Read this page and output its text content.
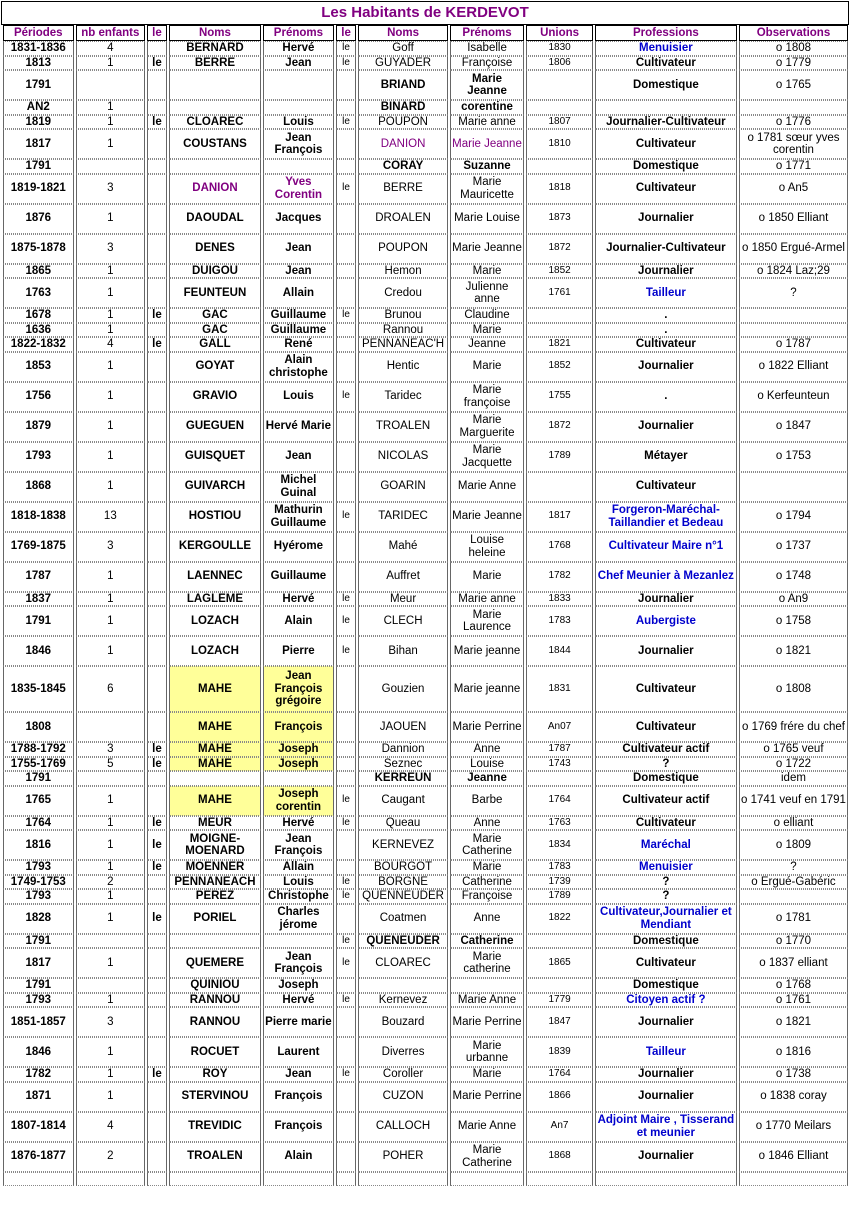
Les Habitants de KERDEVOT
Périodes	nb enfants	le	Noms	Prénoms	le	Noms	Prénoms	Unions	Professions	Observations
1831-1836	4		BERNARD	Hervé	le	Goff	Isabelle	1830	Menuisier	o 1808
1813	1	le	BERRE	Jean	le	GUYADER	Françoise	1806	Cultivateur	o 1779
1791						BRIAND	Marie Jeanne		Domestique	o 1765
AN2	1					BINARD	corentine			
1819	1	le	CLOAREC	Louis	le	POUPON	Marie anne	1807	Journalier-Cultivateur	o 1776
1817	1		COUSTANS	Jean François		DANION	Marie Jeanne	1810	Cultivateur	o 1781 sœur yves corentin
1791						CORAY	Suzanne		Domestique	o 1771
1819-1821	3		DANION	Yves Corentin	le	BERRE	Marie Mauricette	1818	Cultivateur	o An5
1876	1		DAOUDAL	Jacques		DROALEN	Marie Louise	1873	Journalier	o 1850 Elliant
1875-1878	3		DENES	Jean		POUPON	Marie Jeanne	1872	Journalier-Cultivateur	o 1850 Ergué-Armel
1865	1		DUIGOU	Jean		Hemon	Marie	1852	Journalier	o 1824 Laz;29
1763	1		FEUNTEUN	Allain		Credou	Julienne anne	1761	Tailleur	?
1678	1	le	GAC	Guillaume	le	Brunou	Claudine		.	
1636	1		GAC	Guillaume		Rannou	Marie		.	
1822-1832	4	le	GALL	René		PENNANEAC'H	Jeanne	1821	Cultivateur	o 1787
1853	1		GOYAT	Alain christophe		Hentic	Marie	1852	Journalier	o 1822 Elliant
1756	1		GRAVIO	Louis	le	Taridec	Marie françoise	1755	.	o Kerfeunteun
1879	1		GUEGUEN	Hervé Marie		TROALEN	Marie Marguerite	1872	Journalier	o 1847
1793	1		GUISQUET	Jean		NICOLAS	Marie Jacquette	1789	Métayer	o 1753
1868	1		GUIVARCH	Michel Guinal		GOARIN	Marie Anne		Cultivateur	
1818-1838	13		HOSTIOU	Mathurin Guillaume	le	TARIDEC	Marie Jeanne	1817	Forgeron-Maréchal-Taillandier et Bedeau	o 1794
1769-1875	3		KERGOULLE	Hyérome		Mahé	Louise heleine	1768	Cultivateur Maire n°1	o 1737
1787	1		LAENNEC	Guillaume		Auffret	Marie	1782	Chef Meunier à Mezanlez	o 1748
1837	1		LAGLEME	Hervé	le	Meur	Marie anne	1833	Journalier	o An9
1791	1		LOZACH	Alain	le	CLECH	Marie Laurence	1783	Aubergiste	o 1758
1846	1		LOZACH	Pierre	le	Bihan	Marie jeanne	1844	Journalier	o 1821
1835-1845	6		MAHE	Jean François grégoire		Gouzien	Marie jeanne	1831	Cultivateur	o 1808
1808			MAHE	François		JAOUEN	Marie Perrine	An07	Cultivateur	o 1769 frére du chef
1788-1792	3	le	MAHE	Joseph		Dannion	Anne	1787	Cultivateur actif	o 1765 veuf
1755-1769	5	le	MAHE	Joseph		Seznec	Louise	1743	?	o 1722
1791						KERREUN	Jeanne		Domestique	idem
1765	1		MAHE	Joseph corentin	le	Caugant	Barbe	1764	Cultivateur actif	o 1741 veuf en 1791
1764	1	le	MEUR	Hervé	le	Queau	Anne	1763	Cultivateur	o elliant
1816	1	le	MOIGNE-MOENARD	Jean François		KERNEVEZ	Marie Catherine	1834	Maréchal	o 1809
1793	1	le	MOENNER	Allain		BOURGOT	Marie	1783	Menuisier	?
1749-1753	2		PENNANEACH	Louis	le	BORGNE	Catherine	1739	?	o Ergué-Gabéric
1793	1		PEREZ	Christophe	le	QUENNEUDER	Françoise	1789	?	
1828	1	le	PORIEL	Charles jérome		Coatmen	Anne	1822	Cultivateur,Journalier et Mendiant	o 1781
1791					le	QUENEUDER	Catherine		Domestique	o 1770
1817	1		QUEMERE	Jean François	le	CLOAREC	Marie catherine	1865	Cultivateur	o 1837 elliant
1791			QUINIOU	Joseph					Domestique	o 1768
1793	1		RANNOU	Hervé	le	Kernevez	Marie Anne	1779	Citoyen actif ?	o 1761
1851-1857	3		RANNOU	Pierre marie		Bouzard	Marie Perrine	1847	Journalier	o 1821
1846	1		ROCUET	Laurent		Diverres	Marie urbanne	1839	Tailleur	o 1816
1782	1	le	ROY	Jean	le	Coroller	Marie	1764	Journalier	o 1738
1871	1		STERVINOU	François		CUZON	Marie Perrine	1866	Journalier	o 1838 coray
1807-1814	4		TREVIDIC	François		CALLOCH	Marie Anne	An7	Adjoint Maire , Tisserand et meunier	o 1770 Meilars
1876-1877	2		TROALEN	Alain		POHER	Marie Catherine	1868	Journalier	o 1846 Elliant
